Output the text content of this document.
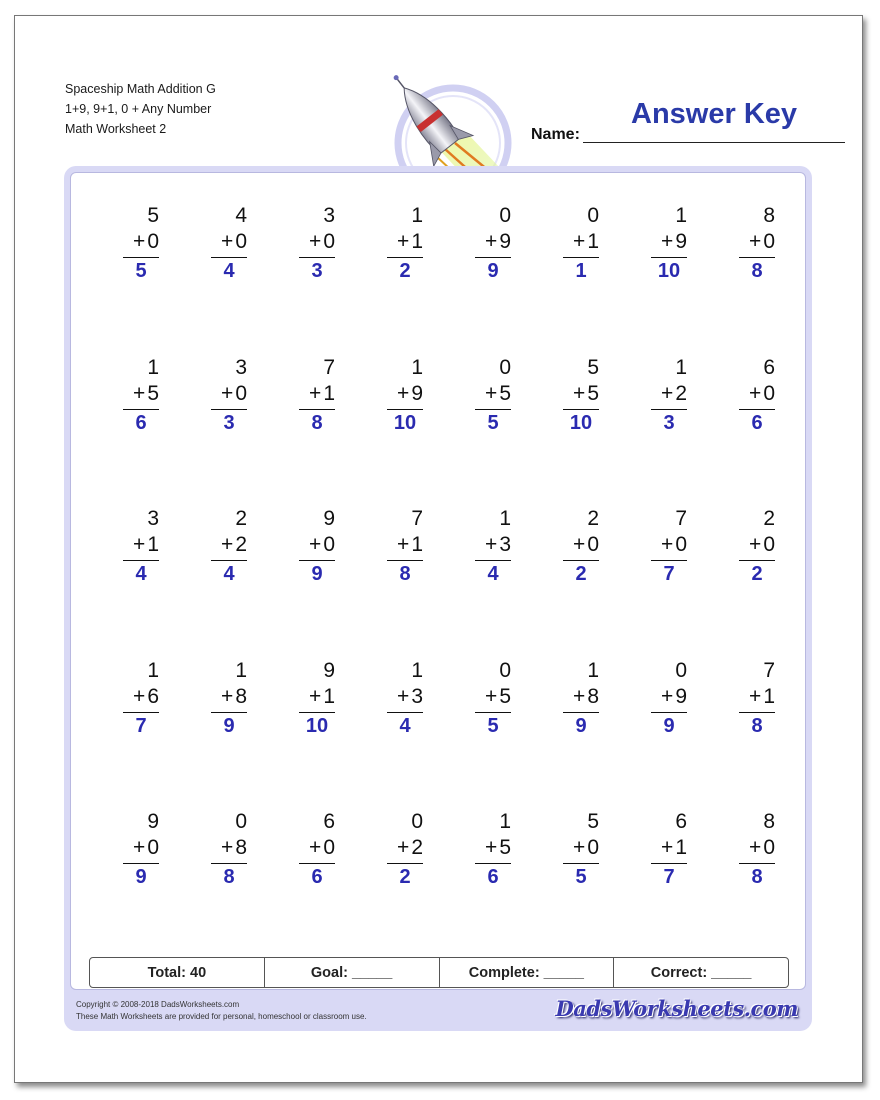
Spaceship Math Addition G
1+9, 9+1, 0 + Any Number
Math Worksheet 2	Name:
Answer Key
5
+ 0
5
4
+ 0
4
3
+ 0
3
1
+ 1
2
0
+ 9
9
0
+ 1
1
1
+ 9
10
8
+ 0
8
1
+ 5
6
3
+ 0
3
7
+ 1
8
1
+ 9
10
0
+ 5
5
5
+ 5
10
1
+ 2
3
6
+ 0
6
3
+ 1
4
2
+ 2
4
9
+ 0
9
7
+ 1
8
1
+ 3
4
2
+ 0
2
7
+ 0
7
2
+ 0
2
1
+ 6
7
1
+ 8
9
9
+ 1
10
1
+ 3
4
0
+ 5
5
1
+ 8
9
0
+ 9
9
7
+ 1
8
9
+ 0
9
0
+ 8
8
6
+ 0
6
0
+ 2
2
1
+ 5
6
5
+ 0
5
6
+ 1
7
8
+ 0
8
Total: 40	Goal: _____	Complete: _____	Correct: _____
Copyright © 2008-2018 DadsWorksheets.com
These Math Worksheets are provided for personal, homeschool or classroom use.	DadsWorksheets.com
